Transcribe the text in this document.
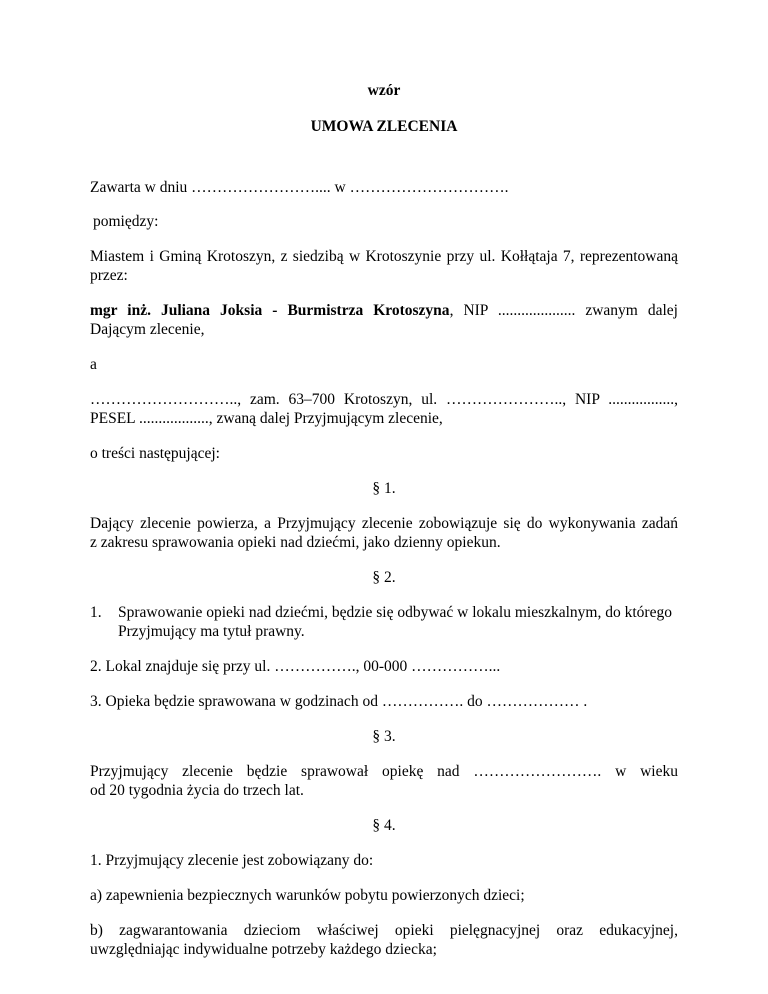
wzór
UMOWA ZLECENIA
Zawarta w dniu …………………….... w ………………………….
pomiędzy:
Miastem i Gminą Krotoszyn, z siedzibą w Krotoszynie przy ul. Kołłątaja 7, reprezentowaną
przez:
mgr inż. Juliana Joksia - Burmistrza Krotoszyna, NIP .................... zwanym dalej
Dającym zlecenie,
a
……………………….., zam. 63–700 Krotoszyn, ul. ………………….., NIP .................,
PESEL .................., zwaną dalej Przyjmującym zlecenie,
o treści następującej:
§ 1.
Dający zlecenie powierza, a Przyjmujący zlecenie zobowiązuje się do wykonywania zadań
z zakresu sprawowania opieki nad dziećmi, jako dzienny opiekun.
§ 2.
1. Sprawowanie opieki nad dziećmi, będzie się odbywać w lokalu mieszkalnym, do którego
Przyjmujący ma tytuł prawny.
2. Lokal znajduje się przy ul. ……………., 00-000 ……………...
3. Opieka będzie sprawowana w godzinach od ……………. do ……………… .
§ 3.
Przyjmujący zlecenie będzie sprawował opiekę nad ……………………. w wieku
od 20 tygodnia życia do trzech lat.
§ 4.
1. Przyjmujący zlecenie jest zobowiązany do:
a) zapewnienia bezpiecznych warunków pobytu powierzonych dzieci;
b) zagwarantowania dzieciom właściwej opieki pielęgnacyjnej oraz edukacyjnej,
uwzględniając indywidualne potrzeby każdego dziecka;
